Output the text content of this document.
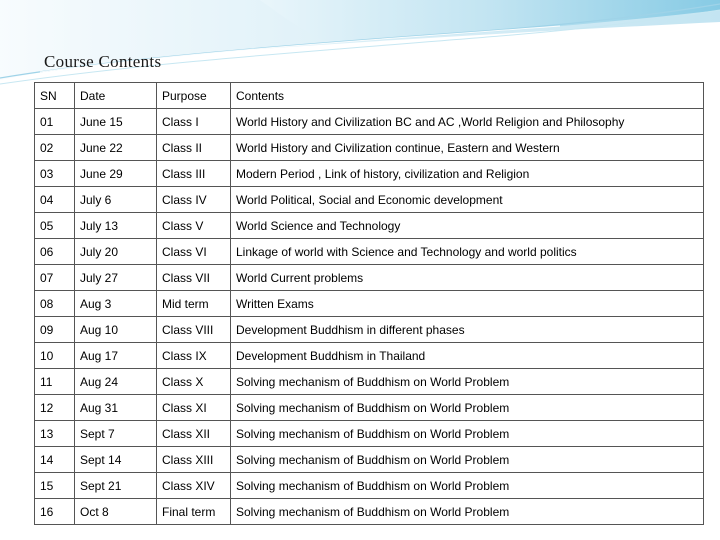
Course Contents
SN	Date	Purpose	Contents
01	June 15	Class I	World History and Civilization BC and AC ,World Religion and Philosophy
02	June 22	Class II	World History and Civilization continue, Eastern and Western
03	June 29	Class III	Modern Period , Link of history, civilization and Religion
04	July 6	Class IV	World Political, Social and Economic development
05	July 13	Class V	World Science and Technology
06	July 20	Class VI	Linkage of world with Science and Technology and world politics
07	July 27	Class VII	World Current problems
08	Aug 3	Mid term	Written Exams
09	Aug 10	Class VIII	Development Buddhism in different phases
10	Aug 17	Class IX	Development Buddhism in Thailand
11	Aug 24	Class X	Solving mechanism of Buddhism on World Problem
12	Aug 31	Class XI	Solving mechanism of Buddhism on World Problem
13	Sept 7	Class XII	Solving mechanism of Buddhism on World Problem
14	Sept 14	Class XIII	Solving mechanism of Buddhism on World Problem
15	Sept 21	Class XIV	Solving mechanism of Buddhism on World Problem
16	Oct 8	Final term	Solving mechanism of Buddhism on World Problem
